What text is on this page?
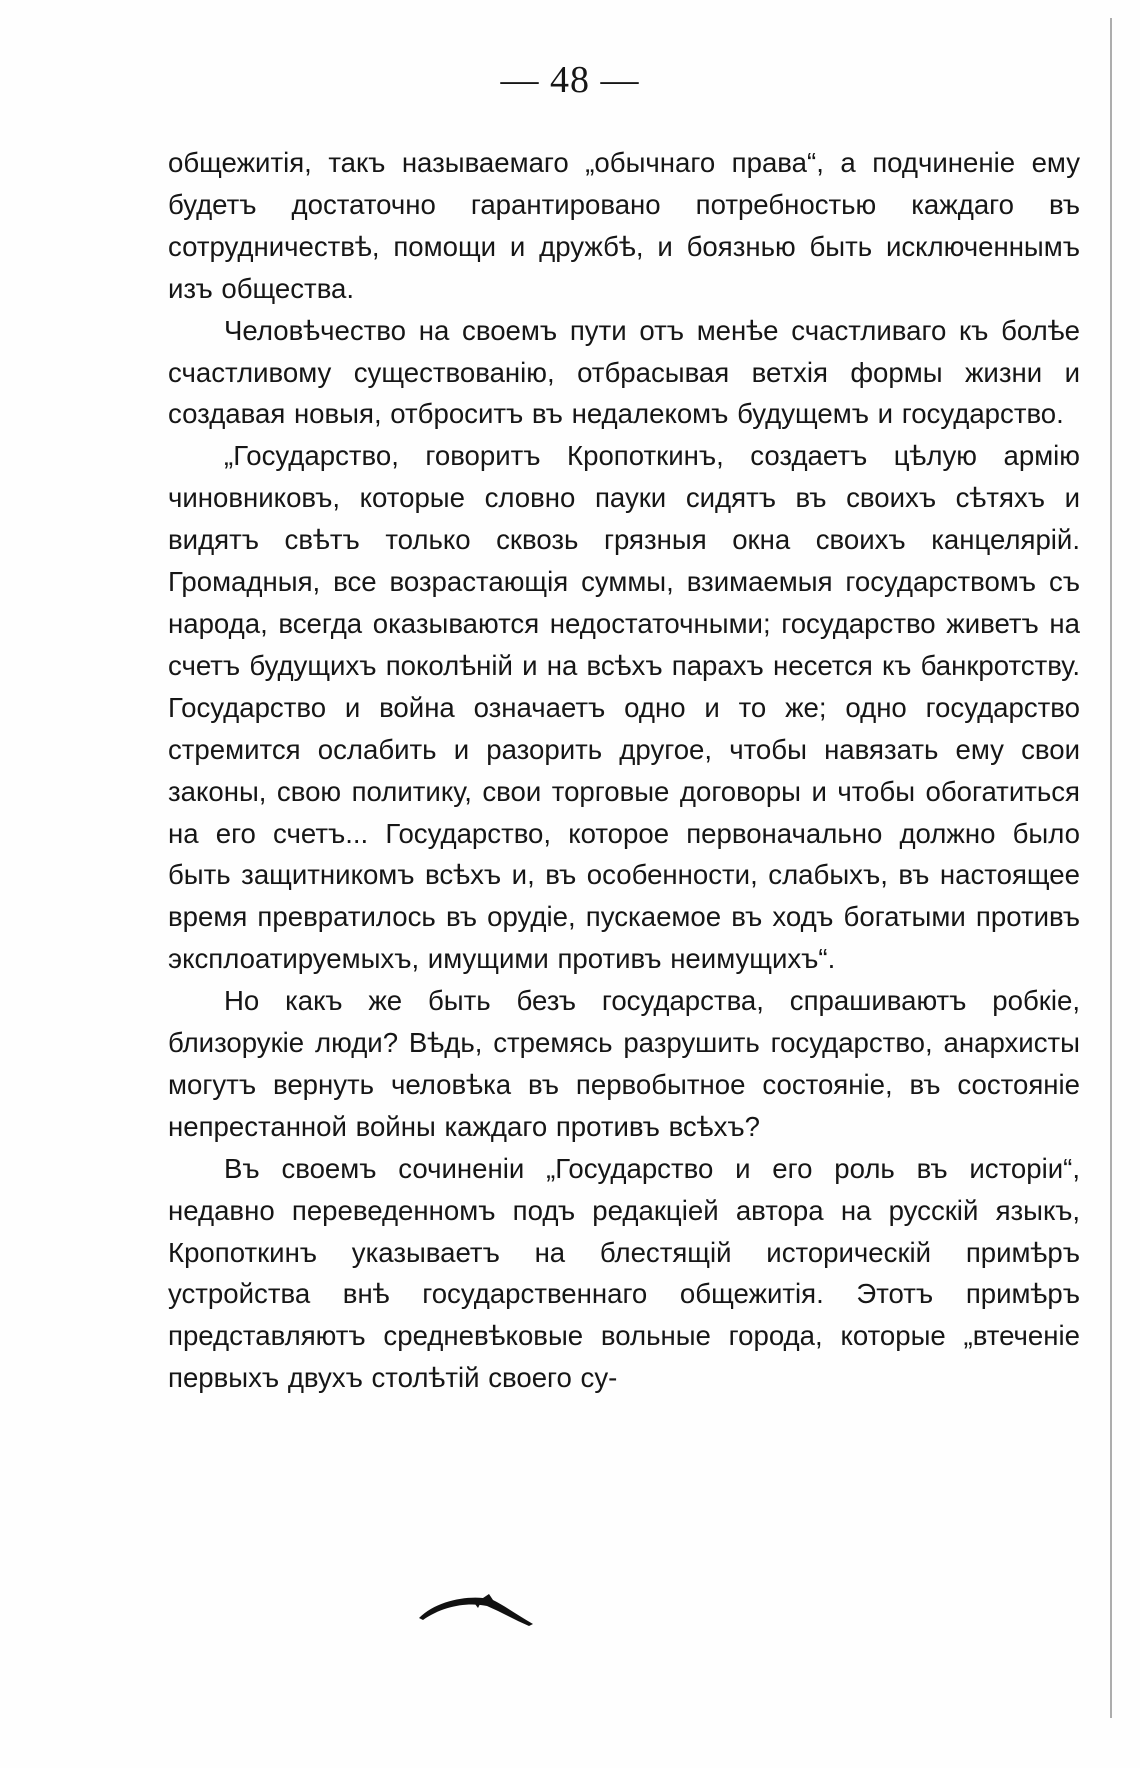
— 48 —

общежитія, такъ называемаго „обычнаго права“, а подчиненіе ему будетъ достаточно гарантировано потребностью каждаго въ сотрудничествѣ, помощи и дружбѣ, и боязнью быть исключеннымъ изъ общества.

Человѣчество на своемъ пути отъ менѣе счастливаго къ болѣе счастливому существованію, отбрасывая ветхія формы жизни и создавая новыя, отброситъ въ недалекомъ будущемъ и государство.

„Государство, говоритъ Кропоткинъ, создаетъ цѣлую армію чиновниковъ, которые словно пауки сидятъ въ своихъ сѣтяхъ и видятъ свѣтъ только сквозь грязныя окна своихъ канцелярій. Громадныя, все возрастающія суммы, взимаемыя государствомъ съ народа, всегда оказываются недостаточными; государство живетъ на счетъ будущихъ поколѣній и на всѣхъ парахъ несется къ банкротству. Государство и война означаетъ одно и то же; одно государство стремится ослабить и разорить другое, чтобы навязать ему свои законы, свою политику, свои торговые договоры и чтобы обогатиться на его счетъ... Государство, которое первоначально должно было быть защитникомъ всѣхъ и, въ особенности, слабыхъ, въ настоящее время превратилось въ орудіе, пускаемое въ ходъ богатыми противъ эксплоатируемыхъ, имущими противъ неимущихъ“.

Но какъ же быть безъ государства, спрашиваютъ робкіе, близорукіе люди? Вѣдь, стремясь разрушить государство, анархисты могутъ вернуть человѣка въ первобытное состояніе, въ состояніе непрестанной войны каждаго противъ всѣхъ?

Въ своемъ сочиненіи „Государство и его роль въ исторіи“, недавно переведенномъ подъ редакціей автора на русскій языкъ, Кропоткинъ указываетъ на блестящій историческій примѣръ устройства внѣ государственнаго общежитія. Этотъ примѣръ представляютъ средневѣковые вольные города, которые „втеченіе первыхъ двухъ столѣтій своего су-
